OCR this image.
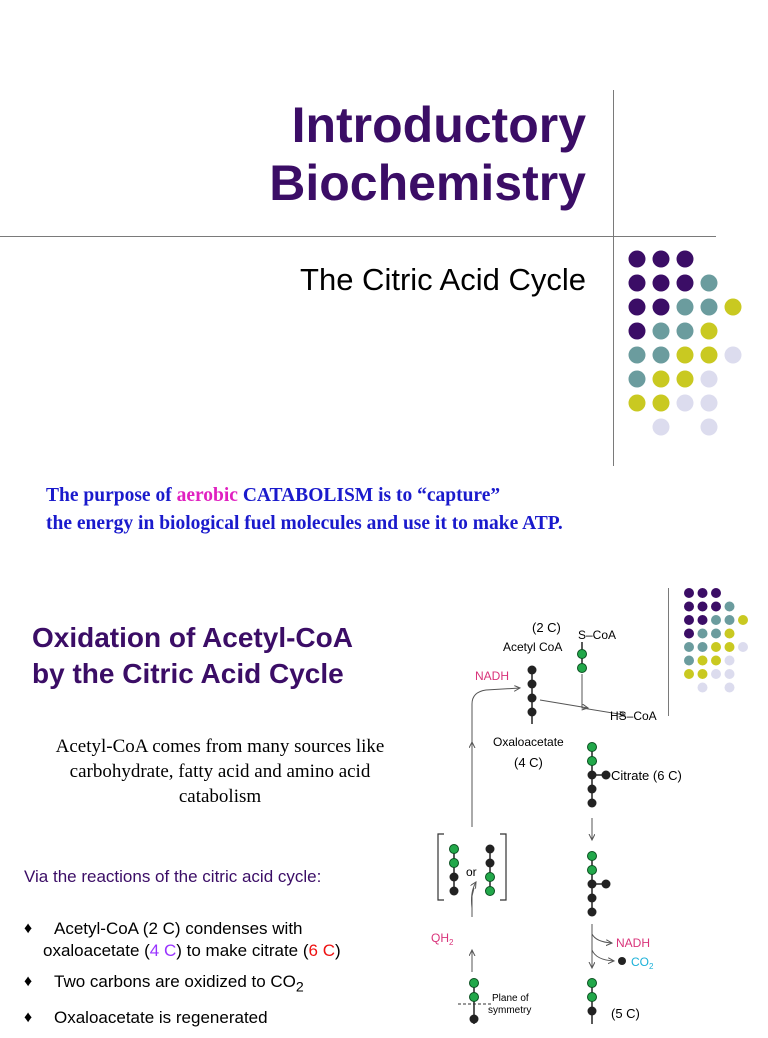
Introductory
Biochemistry
The Citric Acid Cycle
The purpose of aerobic CATABOLISM is to “capture”
the energy in biological fuel molecules and use it to make ATP.
Oxidation of Acetyl-CoA
by the Citric Acid Cycle
Acetyl-CoA comes from many sources like carbohydrate, fatty acid and amino acid catabolism
Via the reactions of the citric acid cycle:
♦ Acetyl-CoA (2 C) condenses with
oxaloacetate (4 C) to make citrate (6 C)
♦ Two carbons are oxidized to $CO_2$
♦ Oxaloacetate is regenerated
(2 C)
Acetyl CoA
S–CoA
NADH
HS–CoA
Oxaloacetate
(4 C)
Citrate (6 C)
NADH
$CO_2$
(5 C)
$QH_2$
or
Plane of
symmetry
